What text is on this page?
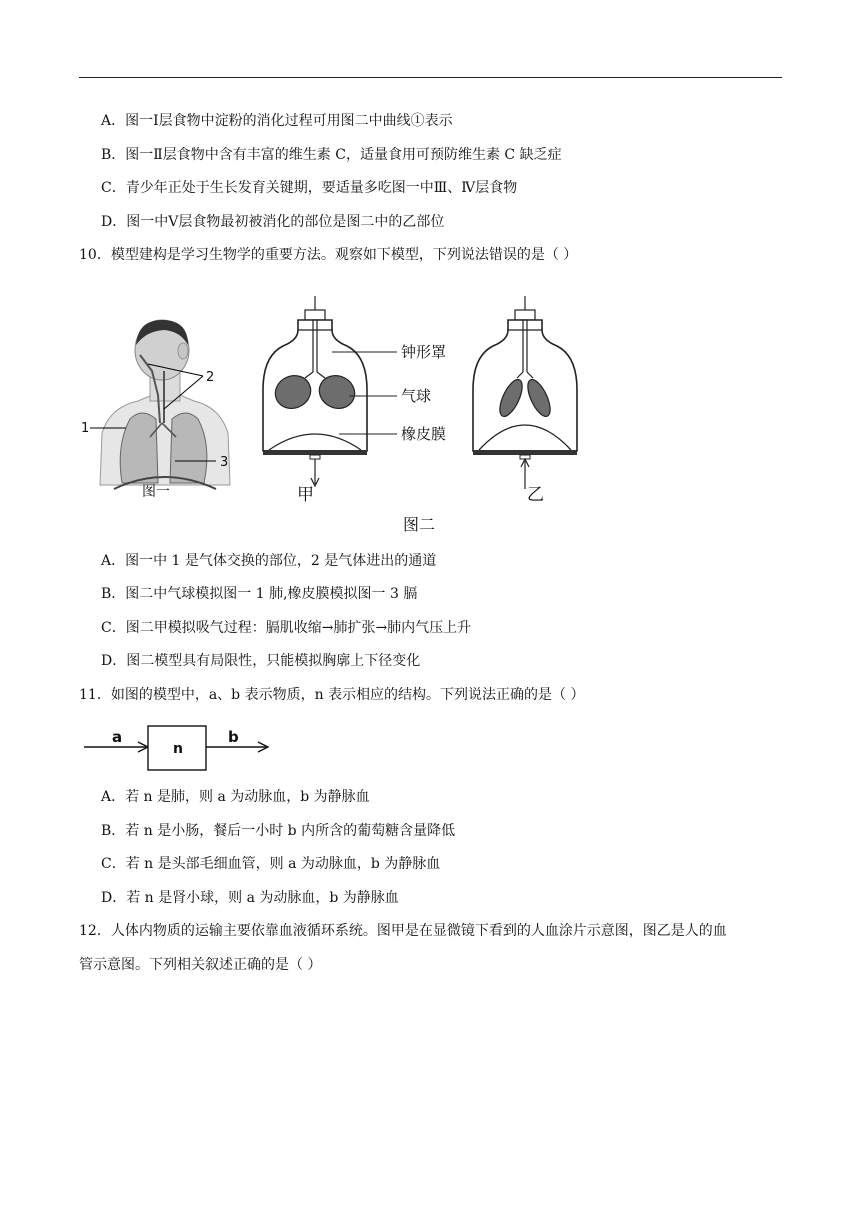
A．图一Ⅰ层食物中淀粉的消化过程可用图二中曲线①表示
B．图一Ⅱ层食物中含有丰富的维生素 C，适量食用可预防维生素 C 缺乏症
C．青少年正处于生长发育关键期，要适量多吃图一中Ⅲ、Ⅳ层食物
D．图一中Ⅴ层食物最初被消化的部位是图二中的乙部位
10．模型建构是学习生物学的重要方法。观察如下模型，下列说法错误的是（ ）
1
2
3
图一	甲
钟形罩
气球
橡皮膜
乙
图二
A．图一中 1 是气体交换的部位，2 是气体进出的通道
B．图二中气球模拟图一 1 肺,橡皮膜模拟图一 3 膈
C．图二甲模拟吸气过程：膈肌收缩→肺扩张→肺内气压上升
D．图二模型具有局限性，只能模拟胸廓上下径变化
11．如图的模型中，a、b 表示物质，n 表示相应的结构。下列说法正确的是（ ）
a
n
b
A．若 n 是肺，则 a 为动脉血，b 为静脉血
B．若 n 是小肠，餐后一小时 b 内所含的葡萄糖含量降低
C．若 n 是头部毛细血管，则 a 为动脉血，b 为静脉血
D．若 n 是肾小球，则 a 为动脉血，b 为静脉血
12．人体内物质的运输主要依靠血液循环系统。图甲是在显微镜下看到的人血涂片示意图，图乙是人的血
管示意图。下列相关叙述正确的是（ ）
